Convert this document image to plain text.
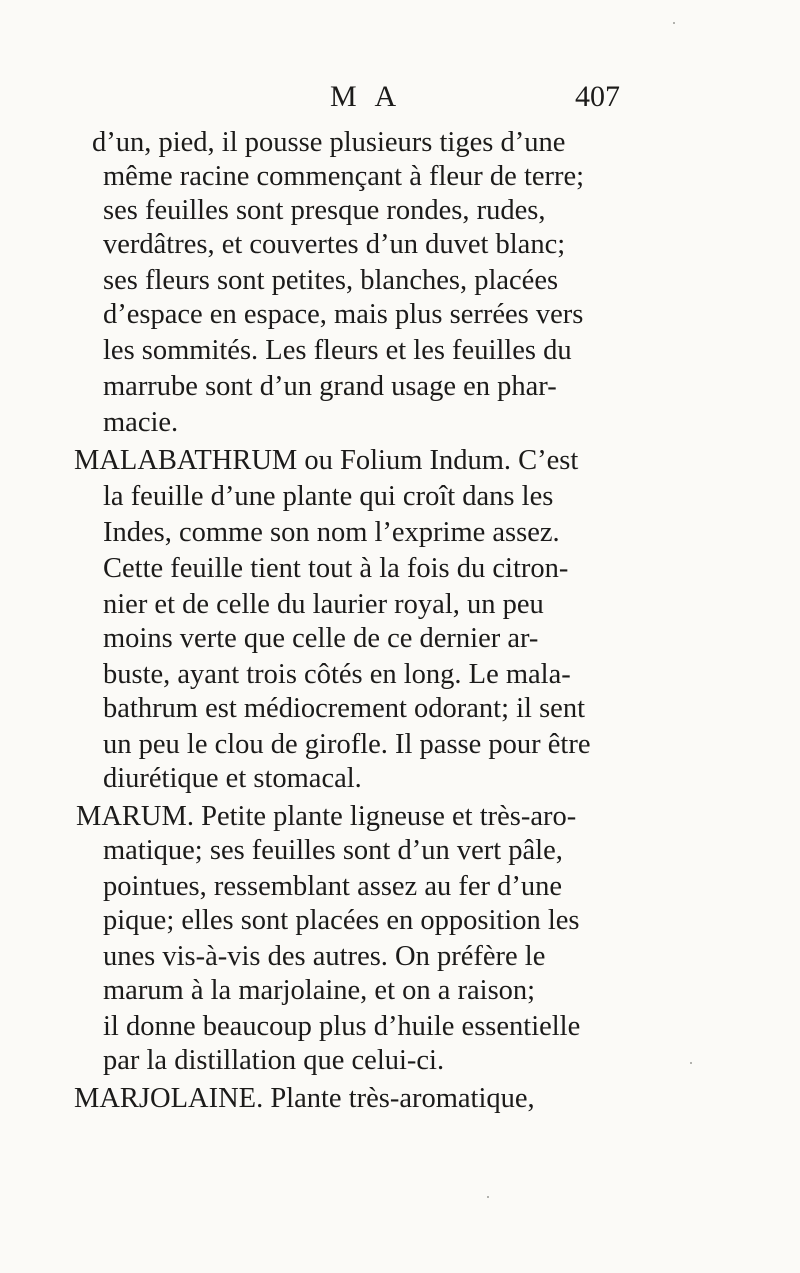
M A	407
d’un, pied, il pousse plusieurs tiges d’une
même racine commençant à fleur de terre;
ses feuilles sont presque rondes, rudes,
verdâtres, et couvertes d’un duvet blanc;
ses fleurs sont petites, blanches, placées
d’espace en espace, mais plus serrées vers
les sommités. Les fleurs et les feuilles du
marrube sont d’un grand usage en phar-
macie.
MALABATHRUM ou Folium Indum. C’est
la feuille d’une plante qui croît dans les
Indes, comme son nom l’exprime assez.
Cette feuille tient tout à la fois du citron-
nier et de celle du laurier royal, un peu
moins verte que celle de ce dernier ar-
buste, ayant trois côtés en long. Le mala-
bathrum est médiocrement odorant; il sent
un peu le clou de girofle. Il passe pour être
diurétique et stomacal.
MARUM. Petite plante ligneuse et très-aro-
matique; ses feuilles sont d’un vert pâle,
pointues, ressemblant assez au fer d’une
pique; elles sont placées en opposition les
unes vis-à-vis des autres. On préfère le
marum à la marjolaine, et on a raison;
il donne beaucoup plus d’huile essentielle
par la distillation que celui-ci.
MARJOLAINE. Plante très-aromatique,
